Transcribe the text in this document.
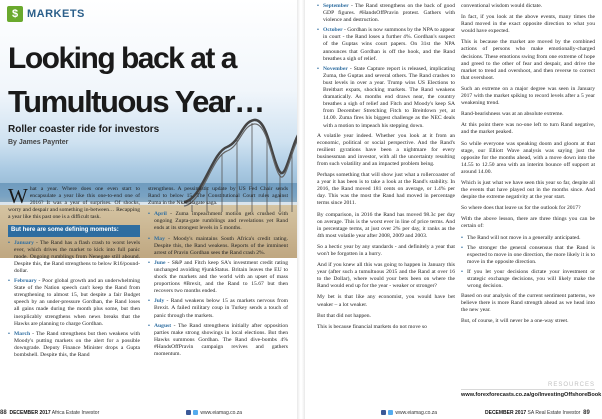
$ MARKETS
Looking back at a
Tumultuous Year…
Roller coaster ride for investors
By James Paynter

What a year. Where does one even start to encapsulate a year like this one-to-end one of 2016? It was a year of surprises. Of shocks, worry and despair and something in-between… Recapping a year like this past one is a difficult task.

But here are some defining moments:
• January - The Rand has a flash crash to worst levels ever, which drives the market to kick into full panic mode. Ongoing rumblings from Nenegate still abound. Despite this, the Rand strengthens to below R16/pound-dollar.
• February - Poor global growth and an underwhelming State of the Nation speech can't keep the Rand from strengthening to almost 15, but despite a fair Budget speech by an under-pressure Gordhan, the Rand loses all gains made during the month plus some, but then inexplicably strengthens when news breaks that the Hawks are planning to charge Gordhan.
• March - The Rand strengthens but then weakens with Moody's putting markets on the alert for a possible downgrade. Deputy Finance Minister drops a Gupta bombshell. Despite this, the Rand

strengthens. A pessimistic update by US Fed Chair sends Rand to below 15. The Constitutional Court rules against Zuma in the Nkandlagate saga.

• April - Zuma impeachment motion gets crushed with ongoing Zupta-gate rumblings and revelations yet Rand ends at its strongest levels in 5 months.
• May - Moody's maintains South Africa's credit rating. Despite this, the Rand weakens. Reports of the imminent arrest of Pravin Gordhan sees the Rand crash 2%.
• June - S&P and Fitch keep SA's investment credit rating unchanged avoiding #junkStatus. Britain leaves the EU to shock the markets and the world with an upset of mass proportions #Brexit, and the Rand to 15.67 but then recovers two months ended.
• July - Rand weakens below 15 as markets nervous from Brexit. A failed military coup in Turkey sends a touch of panic through the markets.
• August - The Rand strengthens initially after opposition parties make strong showings in local elections. But then Hawks summons Gordhan. The Rand dive-bombs 4% #HandsOffPravin campaign revives and gathers momentum.
88 DECEMBER 2017 Africa Estate Investor	www.eiamag.co.za
• September - The Rand strengthens on the back of good GDP figures. #HandsOffPravin protest. Gathers with violence and destruction.
• October - Gordhan is now summons by the NPA to appear in court - the Rand loses a further 4%. Gordhan's suspect of the Guptas wins court papers. On 31st the NPA announces that Gordhan is off the hook, and the Rand breathes a sigh of relief.
• November - State Capture report is released, implicating Zuma, the Guptas and several others. The Rand crashes to bust levels in over a year. Trump wins US Elections to Breitbart expats, shocking markets. The Rand weakens dramatically. As months end draws near, the country breathes a sigh of relief and Fitch and Moody's keep SA from December Stretching Fitch to Breitdown yet, at 14.00. Zuma fires his biggest challenge as the NEC deals with a motion to impeach his stepping down.

A volatile year indeed. Whether you look at it from an economic, political or social perspective. And the Rand's resilient gyrations have been a nightmare for every businessman and investor, with all the uncertainty resulting from such volatility and an impacted problem being.

Perhaps something that will show just what a rollercoaster of a year it has been is to take a look at the Rand's stability. In 2016, the Rand moved 181 cents on average, or 1.4% per day. This was the most the Rand had moved in percentage terms since 2011.

By comparison, in 2016 the Rand has moved 98.3c per day on average. This is the worst ever in line of price terms. And in percentage terms, at just over 2% per day, it ranks as the 4th most volatile year after 2008, 2009 and 2003.

So a hectic year by any standards - and definitely a year that won't be forgotten in a hurry.

And if you knew all this was going to happen in January this year (after such a tumultuous 2015 and the Rand at over 16 to the Dollar), where would your bets been on where the Rand would end up for the year - weaker or stronger?

My bet is that like any economist, you would have bet weaker – a lot weaker.

But that did not happen.

This is because financial markets do not move so

conventional wisdom would dictate.

In fact, if you look at the above events, many times the Rand moved in the exact opposite direction to what you would have expected.

This is because the market are moved by the combined actions of persons who make emotionally-charged decisions. These emotions swing from one extreme of hope and greed to the other of fear and despair, and drive the market to trend and overshoot, and then reverse to correct that overshoot.

Such an extreme on a major degree was seen in January 2017 with the market spiking to record levels after a 5 year weakening trend.

Rand-bearishness was at an absolute extreme.

At this point there was no-one left to turn Rand negative, and the market peaked.

So while everyone was speaking doom and gloom at that stage, our Elliott Wave analysis was saying just the opposite for the months ahead, with a move down into the 14.55 to 12.50 area with an interim bounce off support at around 14.00.

Which is just what we have seen this year so far, despite all the events that have played out in the months since. And despite the extreme negativity at the year start.

So where does that leave us for the outlook for 2017?

With the above lesson, there are three things you can be certain of:

• The Rand will not move in a generally anticipated.
• The stronger the general consensus that the Rand is expected to move in one direction, the more likely it is to move in the opposite direction.
• If you let your decisions dictate your investment or strategic exchange decisions, you will likely make the wrong decision.

Based on our analysis of the current sentiment patterns, we believe there is more Rand strength ahead as we head into the new year.

But, of course, it will never be a one-way street.

RESOURCES
www.forexforecasts.co.za/go/InvestingOffshoreBook
www.eiamag.co.za	DECEMBER 2017 SA Real Estate Investor 89
